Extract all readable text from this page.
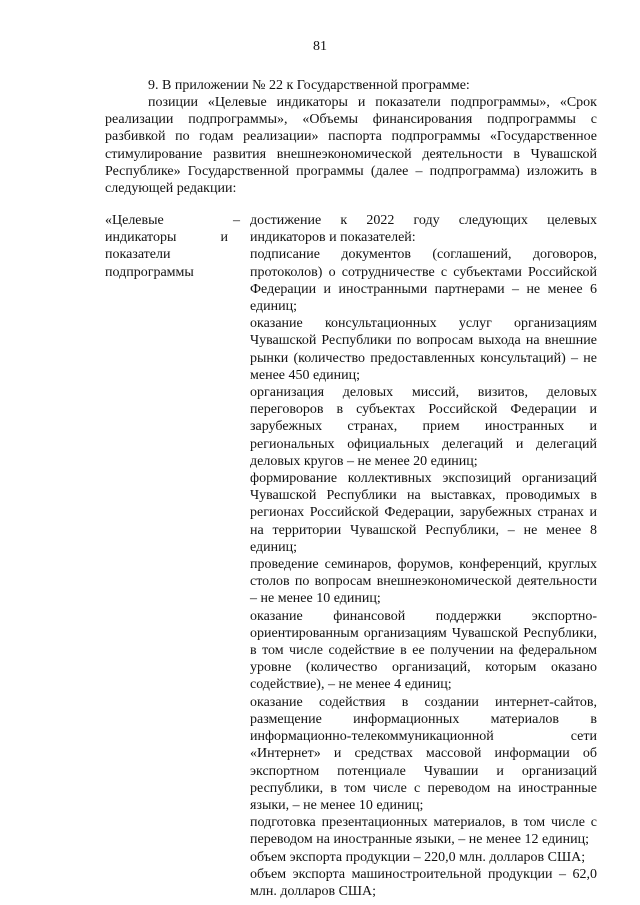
81
9. В приложении № 22 к Государственной программе:
позиции «Целевые индикаторы и показатели подпрограммы», «Срок реализации подпрограммы», «Объемы финансирования подпрограммы с разбивкой по годам реализации» паспорта подпрограммы «Государственное стимулирование развития внешнеэкономической деятельности в Чувашской Республике» Государственной программы (далее – подпрограмма) изложить в следующей редакции:
«Целевые индикаторы и показатели подпрограммы
– достижение к 2022 году следующих целевых индикаторов и показателей:

подписание документов (соглашений, договоров, протоколов) о сотрудничестве с субъектами Российской Федерации и иностранными партнерами – не менее 6 единиц;

оказание консультационных услуг организациям Чувашской Республики по вопросам выхода на внешние рынки (количество предоставленных консультаций) – не менее 450 единиц;

организация деловых миссий, визитов, деловых переговоров в субъектах Российской Федерации и зарубежных странах, прием иностранных и региональных официальных делегаций и делегаций деловых кругов – не менее 20 единиц;

формирование коллективных экспозиций организаций Чувашской Республики на выставках, проводимых в регионах Российской Федерации, зарубежных странах и на территории Чувашской Республики, – не менее 8 единиц;

проведение семинаров, форумов, конференций, круглых столов по вопросам внешнеэкономической деятельности – не менее 10 единиц;

оказание финансовой поддержки экспортно-ориентированным организациям Чувашской Республики, в том числе содействие в ее получении на федеральном уровне (количество организаций, которым оказано содействие), – не менее 4 единиц;

оказание содействия в создании интернет-сайтов, размещение информационных материалов в информационно-телекоммуникационной сети «Интернет» и средствах массовой информации об экспортном потенциале Чувашии и организаций республики, в том числе с переводом на иностранные языки, – не менее 10 единиц;

подготовка презентационных материалов, в том числе с переводом на иностранные языки, – не менее 12 единиц;

объем экспорта продукции – 220,0 млн. долларов США;

объем экспорта машиностроительной продукции – 62,0 млн. долларов США;
